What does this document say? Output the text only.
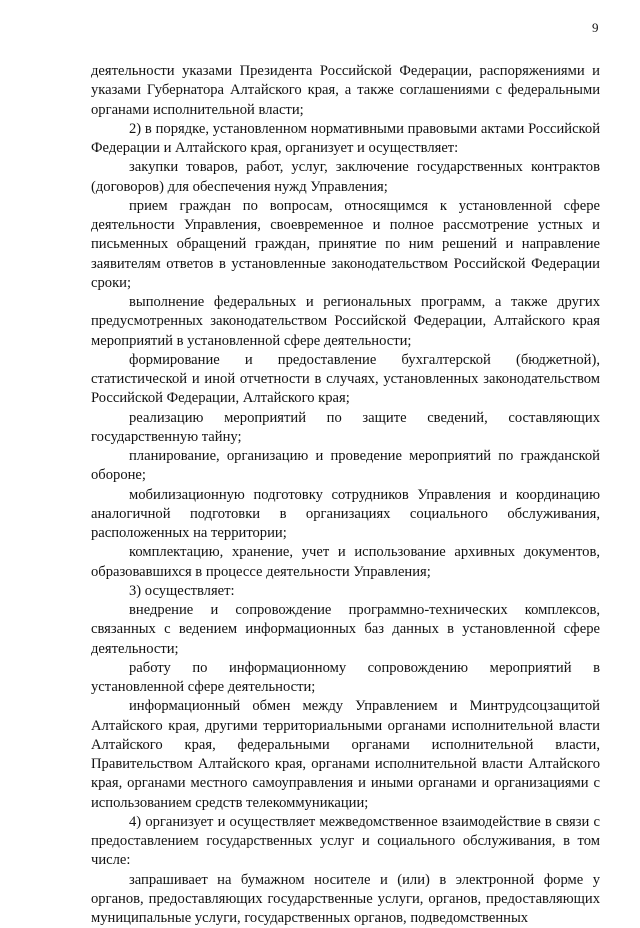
9

деятельности указами Президента Российской Федерации, распоряжениями и указами Губернатора Алтайского края, а также соглашениями с федеральными органами исполнительной власти;

2) в порядке, установленном нормативными правовыми актами Российской Федерации и Алтайского края, организует и осуществляет:

закупки товаров, работ, услуг, заключение государственных контрактов (договоров) для обеспечения нужд Управления;

прием граждан по вопросам, относящимся к установленной сфере деятельности Управления, своевременное и полное рассмотрение устных и письменных обращений граждан, принятие по ним решений и направление заявителям ответов в установленные законодательством Российской Федерации сроки;

выполнение федеральных и региональных программ, а также других предусмотренных законодательством Российской Федерации, Алтайского края мероприятий в установленной сфере деятельности;

формирование и предоставление бухгалтерской (бюджетной), статистической и иной отчетности в случаях, установленных законодательством Российской Федерации, Алтайского края;

реализацию мероприятий по защите сведений, составляющих государственную тайну;

планирование, организацию и проведение мероприятий по гражданской обороне;

мобилизационную подготовку сотрудников Управления и координацию аналогичной подготовки в организациях социального обслуживания, расположенных на территории;

комплектацию, хранение, учет и использование архивных документов, образовавшихся в процессе деятельности Управления;

3) осуществляет:

внедрение и сопровождение программно-технических комплексов, связанных с ведением информационных баз данных в установленной сфере деятельности;

работу по информационному сопровождению мероприятий в установленной сфере деятельности;

информационный обмен между Управлением и Минтрудсоцзащитой Алтайского края, другими территориальными органами исполнительной власти Алтайского края, федеральными органами исполнительной власти, Правительством Алтайского края, органами исполнительной власти Алтайского края, органами местного самоуправления и иными органами и организациями с использованием средств телекоммуникации;

4) организует и осуществляет межведомственное взаимодействие в связи с предоставлением государственных услуг и социального обслуживания, в том числе:

запрашивает на бумажном носителе и (или) в электронной форме у органов, предоставляющих государственные услуги, органов, предоставляющих муниципальные услуги, государственных органов, подведомственных
